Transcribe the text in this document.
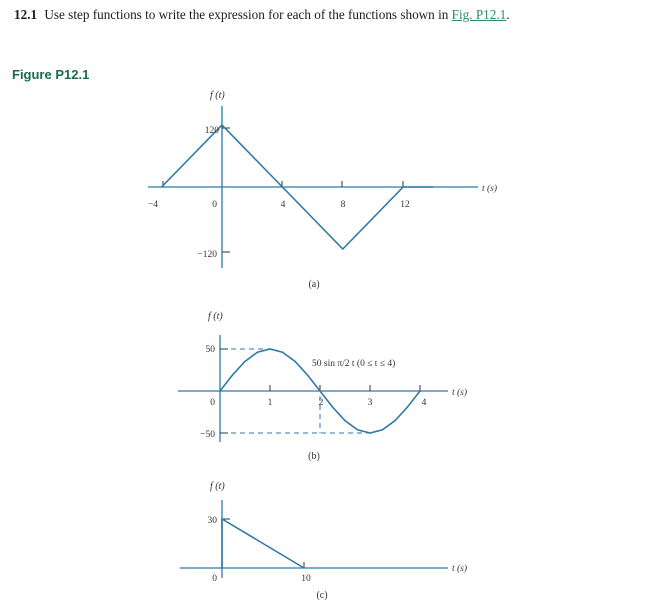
12.1 Use step functions to write the expression for each of the functions shown in Fig. P12.1.
Figure P12.1
f (t)
120
0
−120
−4	4	8	12
t (s)
(a)
f (t)
50
0
−50
1	2	3	4
50 sin π/2 t (0 ≤ t ≤ 4)
t (s)
(b)
f (t)
30
0	10
t (s)
(c)
